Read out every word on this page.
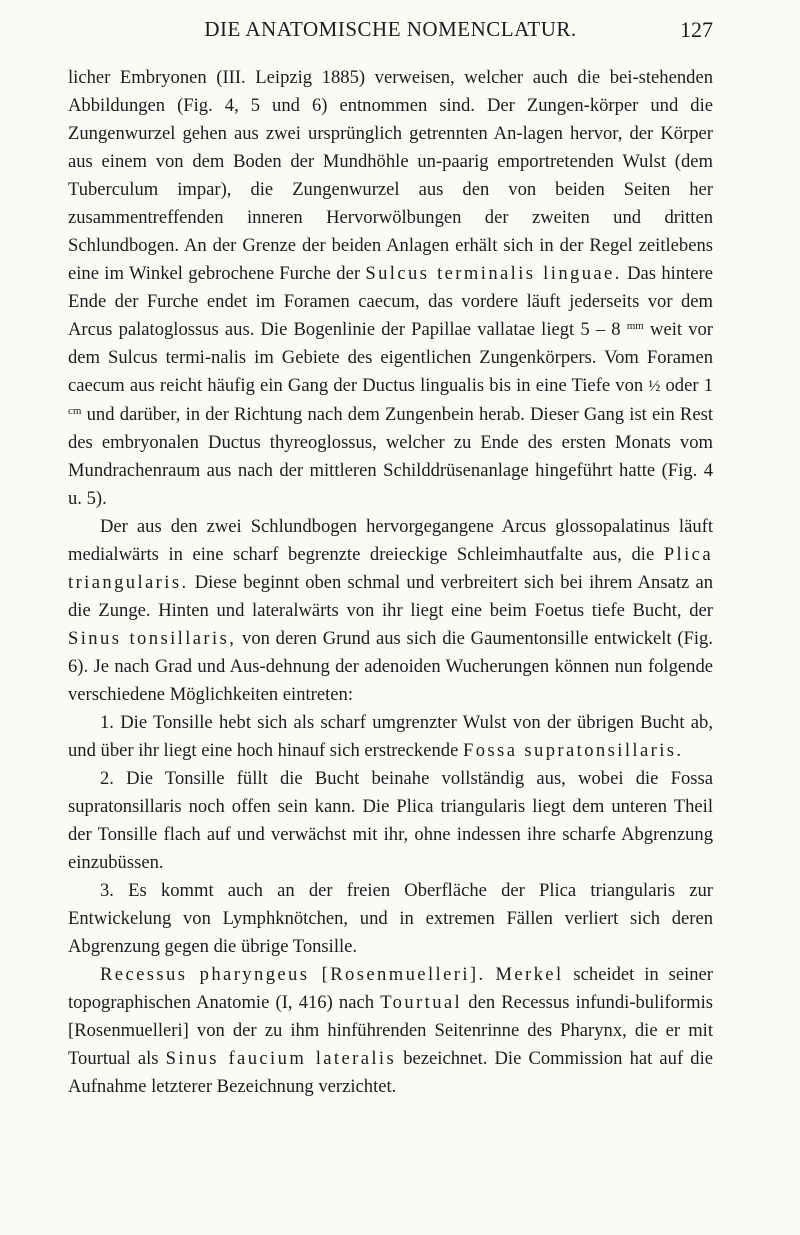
DIE ANATOMISCHE NOMENCLATUR.	127

licher Embryonen (III. Leipzig 1885) verweisen, welcher auch die bei-stehenden Abbildungen (Fig. 4, 5 und 6) entnommen sind. Der Zungen-körper und die Zungenwurzel gehen aus zwei ursprünglich getrennten An-lagen hervor, der Körper aus einem von dem Boden der Mundhöhle un-paarig emportretenden Wulst (dem Tuberculum impar), die Zungenwurzel aus den von beiden Seiten her zusammentreffenden inneren Hervorwölbungen der zweiten und dritten Schlundbogen. An der Grenze der beiden Anlagen erhält sich in der Regel zeitlebens eine im Winkel gebrochene Furche der Sulcus terminalis linguae. Das hintere Ende der Furche endet im Foramen caecum, das vordere läuft jederseits vor dem Arcus palatoglossus aus. Die Bogenlinie der Papillae vallatae liegt 5 – 8 $^{mm}$ weit vor dem Sulcus termi-nalis im Gebiete des eigentlichen Zungenkörpers. Vom Foramen caecum aus reicht häufig ein Gang der Ductus lingualis bis in eine Tiefe von ½ oder 1 $^{cm}$ und darüber, in der Richtung nach dem Zungenbein herab. Dieser Gang ist ein Rest des embryonalen Ductus thyreoglossus, welcher zu Ende des ersten Monats vom Mundrachenraum aus nach der mittleren Schilddrüsenanlage hingeführt hatte (Fig. 4 u. 5).

Der aus den zwei Schlundbogen hervorgegangene Arcus glossopalatinus läuft medialwärts in eine scharf begrenzte dreieckige Schleimhautfalte aus, die Plica triangularis. Diese beginnt oben schmal und verbreitert sich bei ihrem Ansatz an die Zunge. Hinten und lateralwärts von ihr liegt eine beim Foetus tiefe Bucht, der Sinus tonsillaris, von deren Grund aus sich die Gaumentonsille entwickelt (Fig. 6). Je nach Grad und Aus-dehnung der adenoiden Wucherungen können nun folgende verschiedene Möglichkeiten eintreten:

1. Die Tonsille hebt sich als scharf umgrenzter Wulst von der übrigen Bucht ab, und über ihr liegt eine hoch hinauf sich erstreckende Fossa supratonsillaris.

2. Die Tonsille füllt die Bucht beinahe vollständig aus, wobei die Fossa supratonsillaris noch offen sein kann. Die Plica triangularis liegt dem unteren Theil der Tonsille flach auf und verwächst mit ihr, ohne indessen ihre scharfe Abgrenzung einzubüssen.

3. Es kommt auch an der freien Oberfläche der Plica triangularis zur Entwickelung von Lymphknötchen, und in extremen Fällen verliert sich deren Abgrenzung gegen die übrige Tonsille.

Recessus pharyngeus [Rosenmuelleri]. Merkel scheidet in seiner topographischen Anatomie (I, 416) nach Tourtual den Recessus infundi-buliformis [Rosenmuelleri] von der zu ihm hinführenden Seitenrinne des Pharynx, die er mit Tourtual als Sinus faucium lateralis bezeichnet. Die Commission hat auf die Aufnahme letzterer Bezeichnung verzichtet.
